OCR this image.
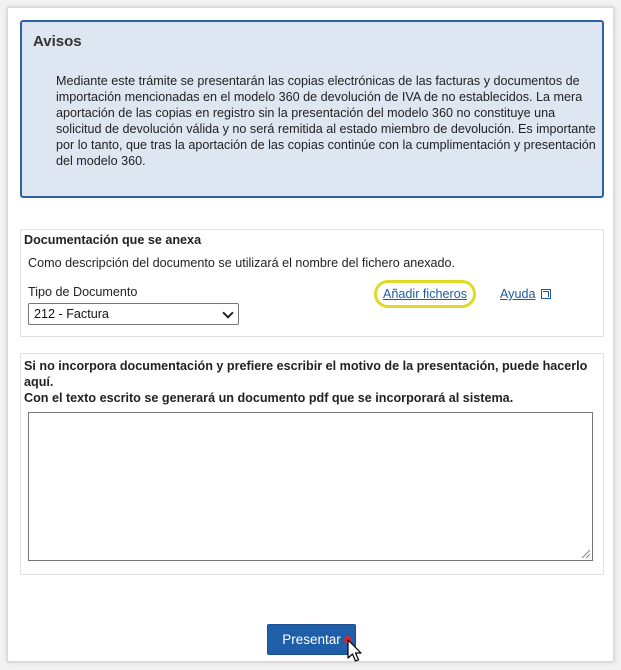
Avisos
Mediante este trámite se presentarán las copias electrónicas de las facturas y documentos de importación mencionadas en el modelo 360 de devolución de IVA de no establecidos. La mera aportación de las copias en registro sin la presentación del modelo 360 no constituye una solicitud de devolución válida y no será remitida al estado miembro de devolución. Es importante por lo tanto, que tras la aportación de las copias continúe con la cumplimentación y presentación del modelo 360.
Documentación que se anexa
Como descripción del documento se utilizará el nombre del fichero anexado.
Tipo de Documento
212 - Factura
Añadir ficheros	Ayuda
Si no incorpora documentación y prefiere escribir el motivo de la presentación, puede hacerlo aquí.
Con el texto escrito se generará un documento pdf que se incorporará al sistema.
Presentar
